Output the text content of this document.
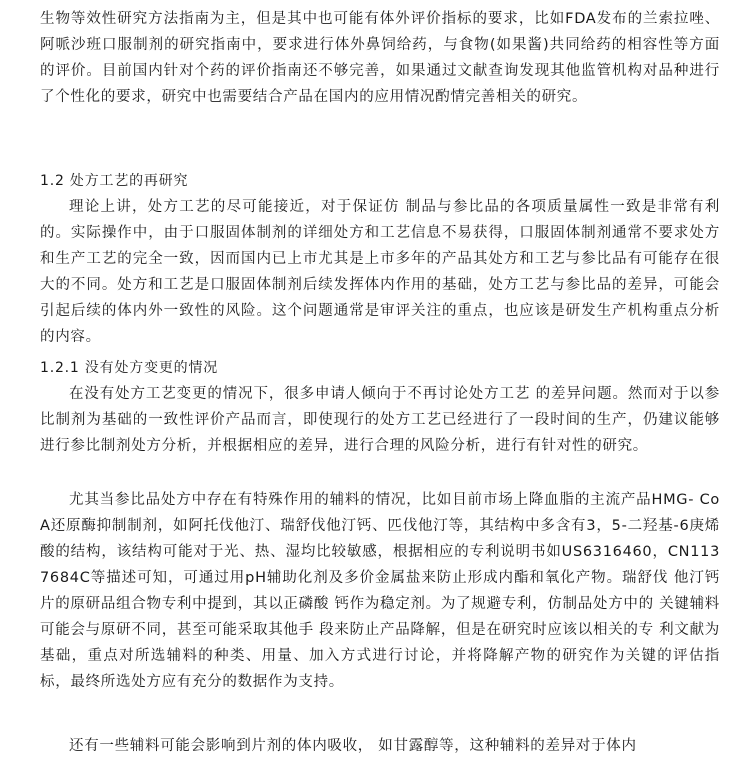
生物等效性研究方法指南为主，但是其中也可能有体外评价指标的要求，比如FDA发布的兰索拉唑、阿哌沙班口服制剂的研究指南中，要求进行体外鼻饲给药，与食物(如果酱)共同给药的相容性等方面的评价。目前国内针对个药的评价指南还不够完善，如果通过文献查询发现其他监管机构对品种进行了个性化的要求，研究中也需要结合产品在国内的应用情况酌情完善相关的研究。

1.2 处方工艺的再研究

理论上讲，处方工艺的尽可能接近，对于保证仿 制品与参比品的各项质量属性一致是非常有利的。实际操作中，由于口服固体制剂的详细处方和工艺信息不易获得，口服固体制剂通常不要求处方和生产工艺的完全一致，因而国内已上市尤其是上市多年的产品其处方和工艺与参比品有可能存在很大的不同。处方和工艺是口服固体制剂后续发挥体内作用的基础，处方工艺与参比品的差异，可能会引起后续的体内外一致性的风险。这个问题通常是审评关注的重点，也应该是研发生产机构重点分析的内容。

1.2.1 没有处方变更的情况

在没有处方工艺变更的情况下，很多申请人倾向于不再讨论处方工艺 的差异问题。然而对于以参比制剂为基础的一致性评价产品而言，即使现行的处方工艺已经进行了一段时间的生产，仍建议能够进行参比制剂处方分析，并根据相应的差异，进行合理的风险分析，进行有针对性的研究。

尤其当参比品处方中存在有特殊作用的辅料的情况，比如目前市场上降血脂的主流产品HMG- CoA还原酶抑制制剂，如阿托伐他汀、瑞舒伐他汀钙、匹伐他汀等，其结构中多含有3，5-二羟基-6庚烯酸的结构，该结构可能对于光、热、湿均比较敏感，根据相应的专利说明书如US6316460，CN1137684C等描述可知，可通过用pH辅助化剂及多价金属盐来防止形成内酯和氧化产物。瑞舒伐 他汀钙片的原研品组合物专利中提到，其以正磷酸 钙作为稳定剂。为了规避专利，仿制品处方中的 关键辅料可能会与原研不同，甚至可能采取其他手 段来防止产品降解，但是在研究时应该以相关的专 利文献为基础，重点对所选辅料的种类、用量、加入方式进行讨论，并将降解产物的研究作为关键的评估指标，最终所选处方应有充分的数据作为支持。

还有一些辅料可能会影响到片剂的体内吸收， 如甘露醇等，这种辅料的差异对于体内
